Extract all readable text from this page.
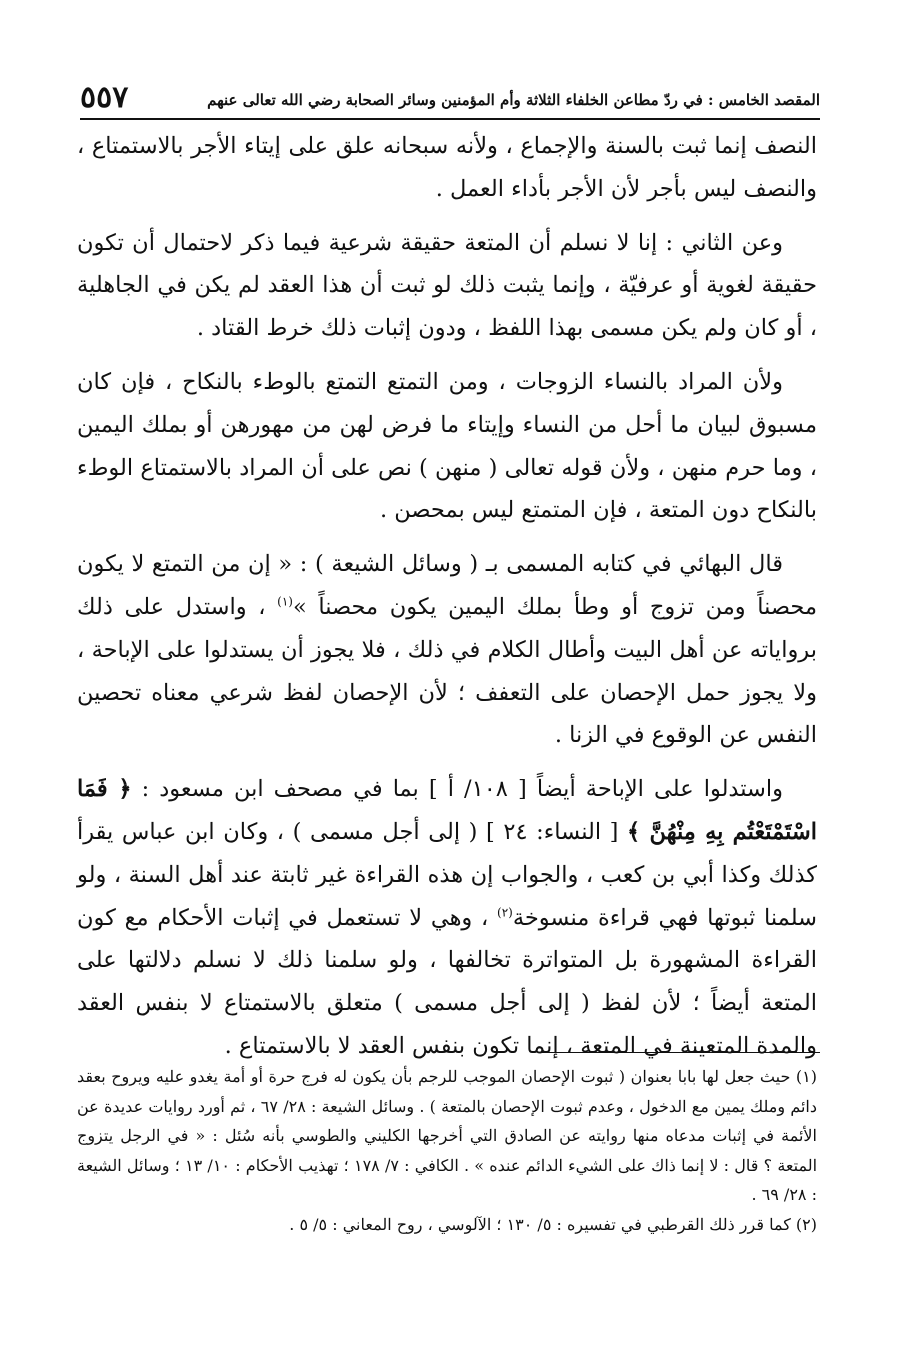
٥٥٧	المقصد الخامس : في ردّ مطاعن الخلفاء الثلاثة وأم المؤمنين وسائر الصحابة رضي الله تعالى عنهم

النصف إنما ثبت بالسنة والإجماع ، ولأنه سبحانه علق على إيتاء الأجر بالاستمتاع ، والنصف ليس بأجر لأن الأجر بأداء العمل .

وعن الثاني : إنا لا نسلم أن المتعة حقيقة شرعية فيما ذكر لاحتمال أن تكون حقيقة لغوية أو عرفيّة ، وإنما يثبت ذلك لو ثبت أن هذا العقد لم يكن في الجاهلية ، أو كان ولم يكن مسمى بهذا اللفظ ، ودون إثبات ذلك خرط القتاد .

ولأن المراد بالنساء الزوجات ، ومن التمتع التمتع بالوطء بالنكاح ، فإن كان مسبوق لبيان ما أحل من النساء وإيتاء ما فرض لهن من مهورهن أو بملك اليمين ، وما حرم منهن ، ولأن قوله تعالى ( منهن ) نص على أن المراد بالاستمتاع الوطء بالنكاح دون المتعة ، فإن المتمتع ليس بمحصن .

قال البهائي في كتابه المسمى بـ ( وسائل الشيعة ) : « إن من التمتع لا يكون محصناً ومن تزوج أو وطأ بملك اليمين يكون محصناً »$^{(١)}$ ، واستدل على ذلك برواياته عن أهل البيت وأطال الكلام في ذلك ، فلا يجوز أن يستدلوا على الإباحة ، ولا يجوز حمل الإحصان على التعفف ؛ لأن الإحصان لفظ شرعي معناه تحصين النفس عن الوقوع في الزنا .

واستدلوا على الإباحة أيضاً [ ١٠٨/ أ ] بما في مصحف ابن مسعود : ﴿ فَمَا اسْتَمْتَعْتُم بِهِ مِنْهُنَّ ﴾ [ النساء: ٢٤ ] ( إلى أجل مسمى ) ، وكان ابن عباس يقرأ كذلك وكذا أبي بن كعب ، والجواب إن هذه القراءة غير ثابتة عند أهل السنة ، ولو سلمنا ثبوتها فهي قراءة منسوخة$^{(٢)}$ ، وهي لا تستعمل في إثبات الأحكام مع كون القراءة المشهورة بل المتواترة تخالفها ، ولو سلمنا ذلك لا نسلم دلالتها على المتعة أيضاً ؛ لأن لفظ ( إلى أجل مسمى ) متعلق بالاستمتاع لا بنفس العقد والمدة المتعينة في المتعة ، إنما تكون بنفس العقد لا بالاستمتاع .

(١) حيث جعل لها بابا بعنوان ( ثبوت الإحصان الموجب للرجم بأن يكون له فرج حرة أو أمة يغدو عليه ويروح بعقد دائم وملك يمين مع الدخول ، وعدم ثبوت الإحصان بالمتعة ) . وسائل الشيعة : ٢٨/ ٦٧ ، ثم أورد روايات عديدة عن الأئمة في إثبات مدعاه منها روايته عن الصادق التي أخرجها الكليني والطوسي بأنه سُئل : « في الرجل يتزوج المتعة ؟ قال : لا إنما ذاك على الشيء الدائم عنده » . الكافي : ٧/ ١٧٨ ؛ تهذيب الأحكام : ١٠/ ١٣ ؛ وسائل الشيعة : ٢٨/ ٦٩ .

(٢) كما قرر ذلك القرطبي في تفسيره : ٥/ ١٣٠ ؛ الآلوسي ، روح المعاني : ٥/ ٥ .
